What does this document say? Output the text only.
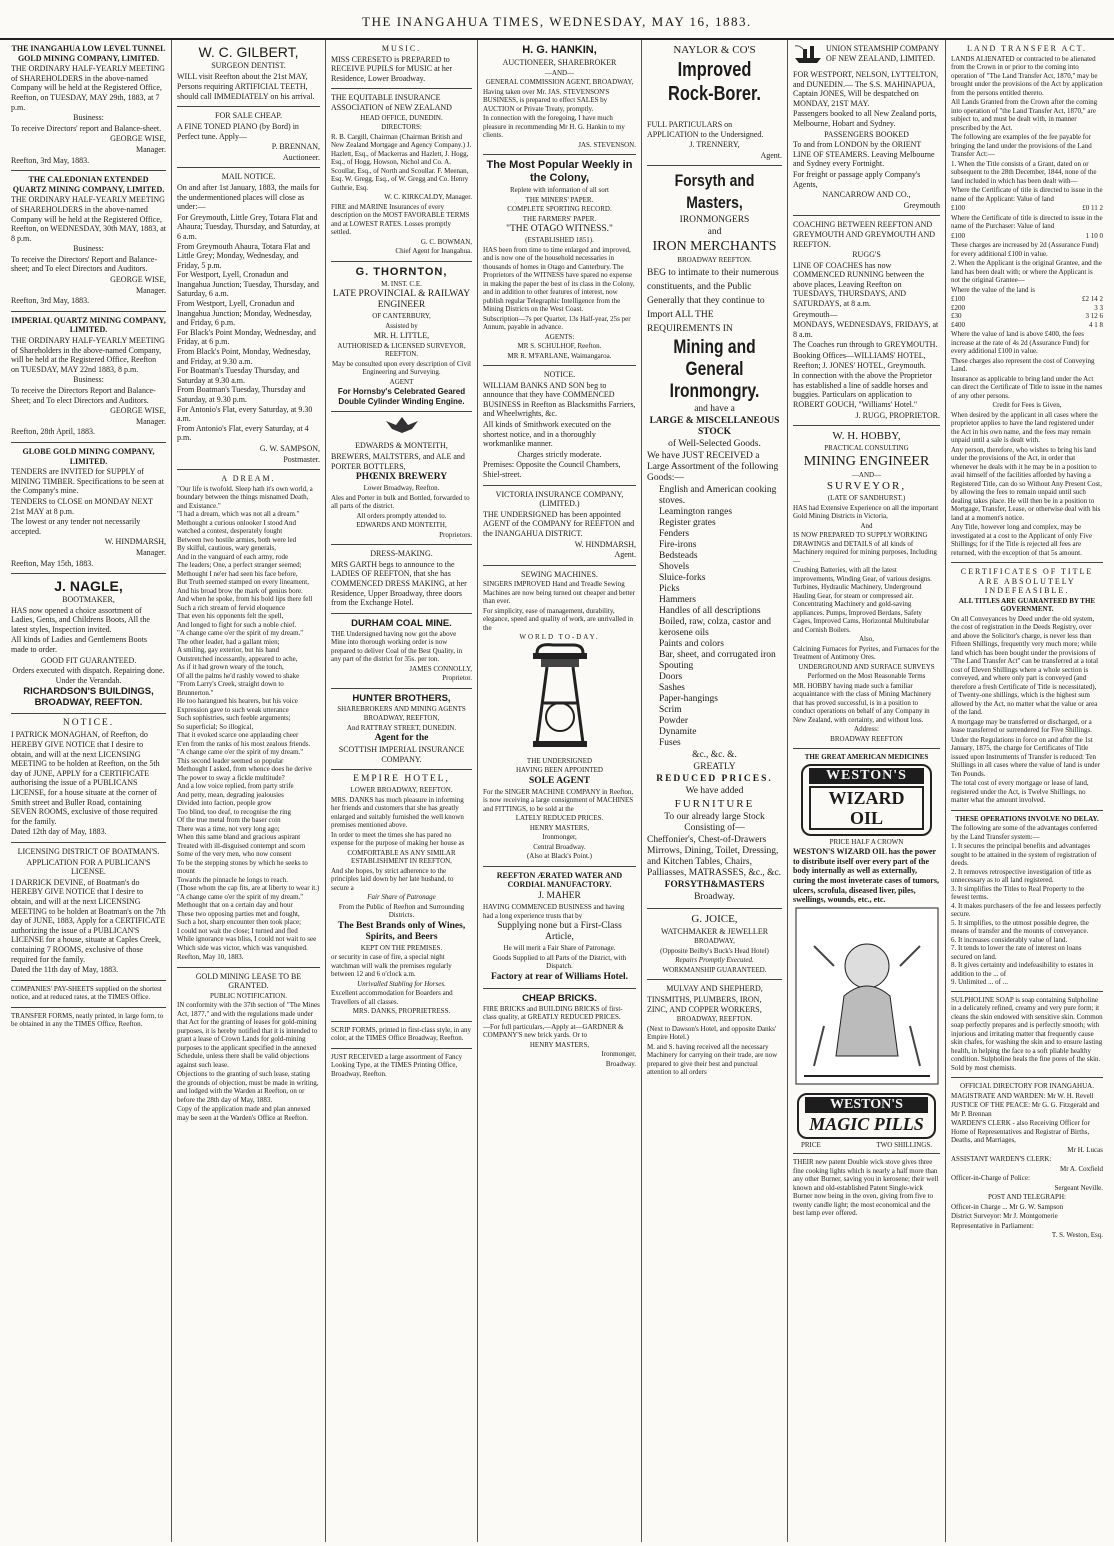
THE INANGAHUA TIMES, WEDNESDAY, MAY 16, 1883.

THE INANGAHUA LOW LEVEL TUNNEL GOLD MINING COMPANY, LIMITED.

THE ORDINARY HALF-YEARLY MEETING of SHAREHOLDERS in the above-named Company will be held at the Registered Office, Reefton, on TUESDAY, MAY 29th, 1883, at 7 p.m.

Business:

To receive Directors' report and Balance-sheet.

GEORGE WISE,

Manager.

Reefton, 3rd May, 1883.

THE CALEDONIAN EXTENDED QUARTZ MINING COMPANY, LIMITED.

THE ORDINARY HALF-YEARLY MEETING of SHAREHOLDERS in the above-named Company will be held at the Registered Office, Reefton, on WEDNESDAY, 30th MAY, 1883, at 8 p.m.

Business:

To receive the Directors' Report and Balance-sheet; and To elect Directors and Auditors.

GEORGE WISE,

Manager.

Reefton, 3rd May, 1883.

IMPERIAL QUARTZ MINING COMPANY, LIMITED.

THE ORDINARY HALF-YEARLY MEETING of Shareholders in the above-named Company, will be held at the Registered Office, Reefton on TUESDAY, MAY 22nd 1883, 8 p.m.

Business:

To receive the Directors Report and Balance-Sheet; and To elect Directors and Auditors.

GEORGE WISE,

Manager.

Reefton, 28th April, 1883.

GLOBE GOLD MINING COMPANY, LIMITED.

TENDERS are INVITED for SUPPLY of MINING TIMBER. Specifications to be seen at the Company's mine.

TENDERS to CLOSE on MONDAY NEXT 21st MAY at 8 p.m.

The lowest or any tender not necessarily accepted.

W. HINDMARSH,

Manager.

Reefton, May 15th, 1883.

J. NAGLE,

BOOTMAKER,

HAS now opened a choice assortment of Ladies, Gents, and Childrens Boots, All the latest styles, Inspection invited.

All kinds of Ladies and Gentlemens Boots made to order.

GOOD FIT GUARANTEED.

Orders executed with dispatch. Repairing done. Under the Verandah.

RICHARDSON'S BUILDINGS, BROADWAY, REEFTON.

NOTICE.

I PATRICK MONAGHAN, of Reefton, do HEREBY GIVE NOTICE that I desire to obtain, and will at the next LICENSING MEETING to be holden at Reefton, on the 5th day of JUNE, APPLY for a CERTIFICATE authorising the issue of a PUBLICANS LICENSE, for a house situate at the corner of Smith street and Buller Road, containing SEVEN ROOMS, exclusive of those required for the family.

Dated 12th day of May, 1883.

LICENSING DISTRICT OF BOATMAN'S.

APPLICATION FOR A PUBLICAN'S LICENSE.

I DARRICK DEVINE, of Boatman's do HEREBY GIVE NOTICE that I desire to obtain, and will at the next LICENSING MEETING to be holden at Boatman's on the 7th day of JUNE, 1883, Apply for a CERTIFICATE authorizing the issue of a PUBLICAN'S LICENSE for a house, situate at Caples Creek, containing 7 ROOMS, exclusive of those required for the family.

Dated the 11th day of May, 1883.

COMPANIES' PAY-SHEETS supplied on the shortest notice, and at reduced rates, at the TIMES Office.

TRANSFER FORMS, neatly printed, in large form, to be obtained in any the TIMES Office, Reefton.

W. C. GILBERT,

SURGEON DENTIST.

WILL visit Reefton about the 21st MAY,

Persons requiring ARTIFICIAL TEETH, should call IMMEDIATELY on his arrival.

FOR SALE CHEAP.

A FINE TONED PIANO (by Bord) in Perfect tune. Apply—

P. BRENNAN,

Auctioneer.

MAIL NOTICE.

On and after 1st January, 1883, the mails for the undermentioned places will close as under:—

For Greymouth, Little Grey, Totara Flat and Ahaura; Tuesday, Thursday, and Saturday, at 6 a.m.

From Greymouth Ahaura, Totara Flat and Little Grey; Monday, Wednesday, and Friday, 5 p.m.

For Westport, Lyell, Cronadun and Inangahua Junction; Tuesday, Thursday, and Saturday, 6 a.m.

From Westport, Lyell, Cronadun and Inangahua Junction; Monday, Wednesday, and Friday, 6 p.m.

For Black's Point Monday, Wednesday, and Friday, at 6 p.m.

From Black's Point, Monday, Wednesday, and Friday, at 9.30 a.m.

For Boatman's Tuesday Thursday, and Saturday at 9.30 a.m.

From Boatman's Tuesday, Thursday and Saturday, at 9.30 p.m.

For Antonio's Flat, every Saturday, at 9.30 a.m.

From Antonio's Flat, every Saturday, at 4 p.m.

G. W. SAMPSON,

Postmaster.

A DREAM.

"Our life is twofold. Sleep hath it's own world, a boundary between the things misnamed Death, and Existance."

"I had a dream, which was not all a dream."

Methought a curious onlooker I stood And watched a contest, desperately fought

Between two hostile armies, both were led

By skilful, cautious, wary generals,

And in the vanguard of each army, rode

The leaders; One, a perfect stranger seemed;

Methought I ne'er had seen his face before,

But Truth seemed stamped on every lineament,

And his broad brow the mark of genius bore.

And when he spoke, from his bold lips there fell

Such a rich stream of fervid eloquence

That even his opponents felt the spell,

And longed to fight for such a noble chief.

"A change came o'er the spirit of my dream."

The other leader, had a gallant mien;

A smiling, gay exterior, but his hand

Outstretched incessantly, appeared to ache,

As if it had grown weary of the touch,

Of all the palms he'd rashly vowed to shake

"From Larry's Creek, straight down to Brunnerton."

He too harangued his hearers, but his voice

Expression gave to such weak utterance

Such sophistries, such feeble arguments;

So superficial; So illogical,

That it evoked scarce one applauding cheer

E'en from the ranks of his most zealous friends.

"A change came o'er the spirit of my dream."

This second leader seemed so popular

Methought I asked, from whence does he derive

The power to sway a fickle multitude?

And a low voice replied, from party strife

And petty, mean, degrading jealousies

Divided into faction, people grow

Too blind, too deaf, to recognise the ring

Of the true metal from the baser coin

There was a time, not very long ago;

When this same bland and gracious aspirant

Treated with ill-disguised contempt and scorn

Some of the very men, who now consent

To be the stepping stones by which he seeks to mount

Towards the pinnacle he longs to reach.

(Those whom the cap fits, are at liberty to wear it.)

"A change came o'er the spirit of my dream."

Methought that on a certain day and hour

These two opposing parties met and fought,

Such a hot, sharp encounter then took place;

I could not wait the close; I turned and fled

While ignorance was bliss, I could not wait to see

Which side was victor, which was vanquished.

Reefton, May 10, 1883.

GOLD MINING LEASE TO BE GRANTED.

PUBLIC NOTIFICATION.

IN conformity with the 37th section of "The Mines Act, 1877," and with the regulations made under that Act for the granting of leases for gold-mining purposes, it is hereby notified that it is intended to grant a lease of Crown Lands for gold-mining purposes to the applicant specified in the annexed Schedule, unless there shall be valid objections against such lease.

Objections to the granting of such lease, stating the grounds of objection, must be made in writing, and lodged with the Warden at Reefton, on or before the 28th day of May, 1883.

Copy of the application made and plan annexed may be seen at the Warden's Office at Reefton.

MUSIC.

MISS CERESETO is PREPARED to RECEIVE PUPILS for MUSIC at her Residence, Lower Broadway.

THE EQUITABLE INSURANCE ASSOCIATION of NEW ZEALAND

HEAD OFFICE, DUNEDIN.

DIRECTORS:

R. B. Cargill, Chairman (Chairman British and New Zealand Mortgage and Agency Company.) J. Hazlett, Esq., of Mackerras and Hazlett, J. Hogg, Esq., of Hogg, Howson, Nichol and Co. A. Scoullar, Esq., of North and Scoullar. F. Meenan, Esq. W. Gregg, Esq., of W. Gregg and Co. Henry Guthrie, Esq.

W. C. KIRKCALDY, Manager.

FIRE and MARINE Insurances of every description on the MOST FAVORABLE TERMS and at LOWEST RATES. Losses promptly settled.

G. C. BOWMAN,

Chief Agent for Inangahua.

G. THORNTON,

M. INST. C.E.

LATE PROVINCIAL & RAILWAY ENGINEER

OF CANTERBURY,

Assisted by

MR. H. LITTLE,

AUTHORISED & LICENSED SURVEYOR, REEFTON.

May be consulted upon every description of Civil Engineering and Surveying.

AGENT

For Hornsby's Celebrated Geared Double Cylinder Winding Engine.

EDWARDS & MONTEITH,

BREWERS, MALTSTERS, and ALE and PORTER BOTTLERS,

PHŒNIX BREWERY

Lower Broadway, Reefton.

Ales and Porter in bulk and Bottled, forwarded to all parts of the district.

All orders promptly attended to.

EDWARDS AND MONTEITH,

Proprietors.

DRESS-MAKING.

MRS GARTH begs to announce to the LADIES OF REEFTON, that she has COMMENCED DRESS MAKING, at her Residence, Upper Broadway, three doors from the Exchange Hotel.

DURHAM COAL MINE.

THE Undersigned having now got the above Mine into thorough working order is now prepared to deliver Coal of the Best Quality, in any part of the district for 35s. per ton.

JAMES CONNOLLY,

Proprietor.

HUNTER BROTHERS,

SHAREBROKERS AND MINING AGENTS

BROADWAY, REEFTON,

And RATTRAY STREET, DUNEDIN.

Agent for the

SCOTTISH IMPERIAL INSURANCE COMPANY.

EMPIRE HOTEL,

LOWER BROADWAY, REEFTON.

MRS. DANKS has much pleasure in informing her friends and customers that she has greatly enlarged and suitably furnished the well known premises mentioned above.

In order to meet the times she has pared no expense for the purpose of making her house as

COMFORTABLE AS ANY SIMILAR ESTABLISHMENT IN REEFTON,

And she hopes, by strict adherence to the principles laid down by her late husband, to secure a

Fair Share of Patronage

From the Public of Reefton and Surrounding Districts.

The Best Brands only of Wines, Spirits, and Beers

KEPT ON THE PREMISES.

or security in case of fire, a special night watchman will walk the premises regularly between 12 and 6 o'clock a.m.

Unrivalled Stabling for Horses.

Excellent accommodation for Boarders and Travellers of all classes.

MRS. DANKS, PROPRIETRESS.

SCRIP FORMS, printed in first-class style, in any color, at the TIMES Office Broadway, Reefton.

JUST RECEIVED a large assortment of Fancy Looking Type, at the TIMES Printing Office, Broadway, Reefton.

H. G. HANKIN,

AUCTIONEER, SHAREBROKER

—AND—

GENERAL COMMISSION AGENT, BROADWAY,

Having taken over Mr. JAS. STEVENSON'S BUSINESS, is prepared to effect SALES by AUCTION or Private Treaty, promptly.

In connection with the foregoing, I have much pleasure in recommending Mr H. G. Hankin to my clients.

JAS. STEVENSON.

The Most Popular Weekly in the Colony,

Replete with information of all sort

THE MINERS' PAPER.

COMPLETE SPORTING RECORD.

THE FARMERS' PAPER.

"THE OTAGO WITNESS."

(ESTABLISHED 1851).

HAS been from time to time enlarged and improved, and is now one of the household necessaries in thousands of homes in Otago and Canterbury. The Proprietors of the WITNESS have spared no expense in making the paper the best of its class in the Colony, and in addition to other features of interest, now publish regular Telegraphic Intelligence from the Mining Districts on the West Coast.

Subscription—7s per Quarter, 13s Half-year, 25s per Annum, payable in advance.

AGENTS:

MR S. SCHULHOF, Reefton.

MR R. M'FARLANE, Waimangaroa.

NOTICE.

WILLIAM BANKS AND SON beg to announce that they have COMMENCED BUSINESS in Reefton as Blacksmiths Farriers, and Wheelwrights, &c.

All kinds of Smithwork executed on the shortest notice, and in a thoroughly workmanlike manner.

Charges strictly moderate.

Premises: Opposite the Council Chambers, Shiel-street.

VICTORIA INSURANCE COMPANY, (LIMITED.)

THE UNDERSIGNED has been appointed AGENT of the COMPANY for REEFTON and the INANGAHUA DISTRICT.

W. HINDMARSH,

Agent.

SEWING MACHINES.

SINGERS IMPROVED Hand and Treadle Sewing Machines are now being turned out cheaper and better than ever.

For simplicity, ease of management, durability, elegance, speed and quality of work, are unrivalled in the

WORLD TO-DAY.

THE UNDERSIGNED

HAVING BEEN APPOINTED

SOLE AGENT

For the SINGER MACHINE COMPANY in Reefton, is now receiving a large consignment of MACHINES and FITTINGS, to be sold at the

LATELY REDUCED PRICES.

HENRY MASTERS,

Ironmonger,

Central Broadway.

(Also at Black's Point.)

REEFTON ÆRATED WATER AND CORDIAL MANUFACTORY.

J. MAHER

HAVING COMMENCED BUSINESS and having had a long experience trusts that by

Supplying none but a First-Class Article,

He will merit a Fair Share of Patronage.

Goods Supplied to all Parts of the District, with Dispatch.

Factory at rear of Williams Hotel.

CHEAP BRICKS.

FIRE BRICKS and BUILDING BRICKS of first-class quality, at GREATLY REDUCED PRICES.

—For full particulars,—Apply at—GARDNER & COMPANY'S new brick yards. Or to

HENRY MASTERS,

Ironmonger,

Broadway.

NAYLOR & CO'S

Improved Rock-Borer.

FULL PARTICULARS on APPLICATION to the Undersigned.

J. TRENNERY,

Agent.

Forsyth and Masters,

IRONMONGERS

and

IRON MERCHANTS

BROADWAY REEFTON.

BEG to intimate to their numerous constituents, and the Public Generally that they continue to Import ALL THE REQUIREMENTS IN

Mining and General Ironmongry.

and have a

LARGE & MISCELLANEOUS STOCK

of Well-Selected Goods.

We have JUST RECEIVED a Large Assortment of the following Goods:—

English and American cooking stoves.

Leamington ranges

Register grates

Fenders

Fire-irons

Bedsteads

Shovels

Sluice-forks

Picks

Hammers

Handles of all descriptions

Boiled, raw, colza, castor and kerosene oils

Paints and colors

Bar, sheet, and corrugated iron

Spouting

Doors

Sashes

Paper-hangings

Scrim

Powder

Dynamite

Fuses

&c., &c. &.

GREATLY

REDUCED PRICES.

We have added

FURNITURE

To our already large Stock Consisting of—

Cheffonier's, Chest-of-Drawers Mirrows, Dining, Toilet, Dressing, and Kitchen Tables, Chairs, Palliasses, MATRASSES, &c., &c.

FORSYTH&MASTERS

Broadway.

G. JOICE,

WATCHMAKER & JEWELLER

BROADWAY,

(Opposite Beilby's Buck's Head Hotel)

Repairs Promptly Executed.

WORKMANSHIP GUARANTEED.

MULVAY AND SHEPHERD,

TINSMITHS, PLUMBERS, IRON, ZINC, AND COPPER WORKERS,

BROADWAY, REEFTON.

(Next to Dawson's Hotel, and opposite Danks' Empire Hotel.)

M. and S. having received all the necessary Machinery for carrying on their trade, are now prepared to give their best and punctual attention to all orders

UNION STEAMSHIP COMPANY OF NEW ZEALAND, LIMITED.

FOR WESTPORT, NELSON, LYTTELTON, and DUNEDIN.— The S.S. MAHINAPUA, Captain JONES, Will be despatched on MONDAY, 21ST MAY.

Passengers booked to all New Zealand ports, Melbourne, Hobart and Sydney.

PASSENGERS BOOKED

To and from LONDON by the ORIENT LINE OF STEAMERS. Leaving Melbourne and Sydney every Fortnight.

For freight or passage apply Company's Agents,

NANCARROW AND CO.,

Greymouth

COACHING BETWEEN REEFTON AND GREYMOUTH AND GREYMOUTH AND REEFTON.

RUGG'S

LINE OF COACHES has now COMMENCED RUNNING between the above places, Leaving Reefton on TUESDAYS, THURSDAYS, AND SATURDAYS, at 8 a.m.

Greymouth—

MONDAYS, WEDNESDAYS, FRIDAYS, at 8 a.m.

The Coaches run through to GREYMOUTH.

Booking Offices—WILLIAMS' HOTEL, Reefton; J. JONES' HOTEL, Greymouth.

In connection with the above the Proprietor has established a line of saddle horses and buggies. Particulars on application to ROBERT GOUCH, "Williams' Hotel."

J. RUGG, PROPRIETOR.

W. H. HOBBY,

PRACTICAL CONSULTING

MINING ENGINEER

—AND—

SURVEYOR,

(LATE OF SANDHURST.)

HAS had Extensive Experience on all the important Gold Mining Districts in Victoria,

And

IS NOW PREPARED TO SUPPLY WORKING DRAWINGS and DETAILS of all kinds of Machinery required for mining purposes, Including—

Crushing Batteries, with all the latest improvements, Winding Gear, of various designs. Turbines, Hydraulic Machinery, Underground Hauling Gear, for steam or compressed air. Concentrating Machinery and gold-saving appliances. Pumps, Improved Berdans, Safety Cages, Improved Cams, Horizontal Multitubular and Cornish Boilers.

Also,

Calcining Furnaces for Pyrites, and Furnaces for the Treatment of Antimony Ores.

UNDERGROUND AND SURFACE SURVEYS

Performed on the Most Reasonable Terms

MR. HOBBY having made such a familiar acquaintance with the class of Mining Machinery that has proved successful, is in a position to conduct operations on behalf of any Company in New Zealand, with certainty, and without loss.

Address:

BROADWAY REEFTON

THE GREAT AMERICAN MEDICINES

WESTON'S

WIZARD OIL

PRICE HALF A CROWN

WESTON'S WIZARD OIL has the power to distribute itself over every part of the body internally as well as externally, curing the most inveterate cases of tumors, ulcers, scrofula, diseased liver, piles, swellings, wounds, etc., etc.

WESTON'S

MAGIC PILLS

PRICE	TWO SHILLINGS.

THEIR new patent Double wick stove gives three fine cooking lights which is nearly a half more than any other Burner, saving you in kerosene; their well known and old-established Patent Single-wick Burner now being in the oven, giving from five to twenty candle light; the most economical and the best lamp ever offered.

LAND TRANSFER ACT.

LANDS ALIENATED or contracted to be alienated from the Crown in or prior to the coming into operation of "The Land Transfer Act, 1870," may be brought under the provisions of the Act by application from the persons entitled thereto.

All Lands Granted from the Crown after the coming into operation of "the Land Transfer Act, 1870," are subject to, and must be dealt with, in manner prescribed by the Act.

The following are examples of the fee payable for bringing the land under the provisions of the Land Transfer Act:—

1. When the Title consists of a Grant, dated on or subsequent to the 28th December, 1844, none of the land included in which has been dealt with—

Where the Certificate of title is directed to issue in the name of the Applicant: Value of land

£100	£0 11 2

Where the Certificate of title is directed to issue in the name of the Purchaser: Value of land

£100	1 10 0

These charges are increased by 2d (Assurance Fund) for every additional £100 in value.

2. When the Applicant is the original Grantee, and the land has been dealt with; or where the Applicant is not the original Grantee—

Where the value of the land is

£100	£2 14 2
£200	3 3
£30	3 12 6
£400	4 1 8

Where the value of land is above £400, the fees increase at the rate of 4s 2d (Assurance Fund) for every additional £100 in value.

These charges also represent the cost of Conveying Land.

Insurance as applicable to bring land under the Act can direct the Certificate of Title to issue in the names of any other persons.

Credit for Fees is Given,

When desired by the applicant in all cases where the proprietor applies to have the land registered under the Act in his own name, and the fees may remain unpaid until a sale is dealt with.

Any person, therefore, who wishes to bring his land under the provisions of the Act, in order that whenever he deals with it he may be in a position to avail himself of the facilities afforded by having a Registered Title, can do so Without Any Present Cost, by allowing the fees to remain unpaid until such dealing takes place. He will then be in a position to Mortgage, Transfer, Lease, or otherwise deal with his land at a moment's notice.

Any Title, however long and complex, may be investigated at a cost to the Applicant of only Five Shillings; for if the Title is rejected all fees are returned, with the exception of that 5s amount.

CERTIFICATES OF TITLE ARE ABSOLUTELY INDEFEASIBLE.

ALL TITLES ARE GUARANTEED BY THE GOVERNMENT.

On all Conveyances by Deed under the old system, the cost of registration in the Deeds Registry, over and above the Solicitor's charge, is never less than Fifteen Shillings, frequently very much more; while land which has been bought under the provisions of "The Land Transfer Act" can be transferred at a total cost of Eleven Shillings where a whole section is conveyed, and where only part is conveyed (and therefore a fresh Certificate of Title is necessitated), of Twenty-one shillings, which is the highest sum allowed by the Act, no matter what the value or area of the land.

A mortgage may be transferred or discharged, or a lease transferred or surrendered for Five Shillings.

Under the Regulations in force on and after the 1st January, 1875, the charge for Certificates of Title issued upon Instruments of Transfer is reduced: Ten Shillings in all cases where the value of land is under Ten Pounds.

The total cost of every mortgage or lease of land, registered under the Act, is Twelve Shillings, no matter what the amount involved.

THESE OPERATIONS INVOLVE NO DELAY.

The following are some of the advantages conferred by the Land Transfer system:—

1. It secures the principal benefits and advantages sought to be attained in the system of registration of deeds.

2. It removes retrospective investigation of title as unnecessary as to all land registered.

3. It simplifies the Titles to Real Property to the fewest terms.

4. It makes purchasers of the fee and lessees perfectly secure.

5. It simplifies, to the utmost possible degree, the means of transfer and the mounts of conveyance.

6. It increases considerably value of land.

7. It tends to lower the rate of interest on loans secured on land.

8. It gives certainty and indefeasibility to estates in addition to the ... of

9. Unlimited ... of ...

SULPHOLINE SOAP is soap containing Sulpholine in a delicately refined, creamy and very pure form; it cleans the skin endowed with sensitive skin. Common soap perfectly prepares and is perfectly smooth; with injurious and irritating matter that frequently cause skin chafes, for washing the skin and to ensure lasting health, in helping the face to a soft pliable healthy condition. Sulpholine heals the fine pores of the skin. Sold by most chemists.

OFFICIAL DIRECTORY FOR INANGAHUA.

MAGISTRATE AND WARDEN: Mr W. H. Revell

JUSTICE OF THE PEACE: Mr G. G. Fitzgerald and Mr P. Brennan

WARDEN'S CLERK - also Receiving Officer for Home of Representatives and Registrar of Births, Deaths, and Marriages,

Mr H. Lucas

ASSISTANT WARDEN'S CLERK:

Mr A. Coxfield

Officer-in-Charge of Police:

Sergeant Neville.

POST AND TELEGRAPH:

Officer-in Charge ... Mr G. W. Sampson

District Surveyor: Mr J. Montgomerie

Representative in Parliament:

T. S. Weston, Esq.
